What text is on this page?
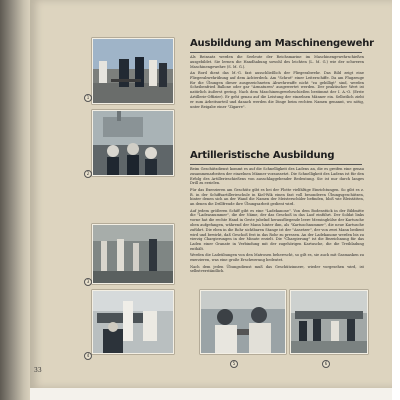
1
2
3
4
5	6
Ausbildung am Maschinengewehr

Als Reinsatz werden die Seeleute der Reichsmarine im Maschinengewehrschießen ausgebildet. Sie lernen die Handhabung sowohl des leichten (L. M. G.) wie der schweren Maschinengewehre (S. M. G.).

An Bord dient das M.-G. fast ausschließlich der Fliegerabwehr. Das Bild zeigt eine Fliegerabwehrübung auf dem Achterdeck. Am "Schrot" einer Leiterschiffe. Da am Flugzeuge für die Übungen dieser ausgezeichneten Abwehrwaffe nicht "zu gebilligt" sind, werden Scheibenfried Ballone oder gar "Armaturen" ausgewertet werden. Der praktischer Wert ist natürlich äußerst gering. Nach dem Maschinengewehrschießen bestimmt der I. A.-O. (Erste Artillerie-Offizier). Er geht genau auf die Leistung der einzelnen Männer ein. Selbstlich zieht er zum Arbeitsurteil und danach werden die Dinge beim rechten Namen genannt, wo nötig, unter Beigabe einer "Zigarre".

Artilleristische Ausbildung

Beim Geschützdienst kommt es auf die Schnelligkeit des Ladens an, die es greifen eine genau zusammenarbeiten der einzelnen Männer voraussetzt. Die Schnelligkeit des Ladens ist für den Erfolg des Artillerieschießens von ausschlaggebender Bedeutung. Sie ist nur durch langes Drill zu erzielen.

Für das Exerzieren am Geschütz gibt es bei der Flotte vielfältige Einrichtungen. So gibt es z. B. in der Schiffsartillerieschule in Kiel-Wik einen fast voll besonderen Übungsgeschützen, hinter denen sich an der Wand die Namen der Meisterschüler befinden, bloß wie Bleistätten, an denen die Drillfreude ihre Übungsarbeit gedient wird.

Auf jedem größeren Schiff gibt es eine "Ladekanone". Von dem Bodenstück in der Bildmitte die "Ladeasnummer", die der Näme, der das Geschoß in das Laof einführt. Der Soldat links vorne hat die rechte Hand in Geste jubelnd herausfliegende leere Messinghülse der Kartusche oben aufgefangen, während der Mann hinter ihm, als "Kartuschnummer", die neue Kartusche zuführt. Die eben in die Rohr sichtbaren Stange ist der "Ansetzer", der von zwei Mann bedient wird und bewirkt, daß Geschoß fest in das Rohr zu pressen. An der Ladekanone werden bis zu vierzig Chargierungen in der Minute erzielt. Die "Chargierung" ist die Bezeichnung für das Laden einer Granate in Verbindung mit der zugehörigen Kartusche, die die Treibladung enthält.

Werden die Ladeübungen von den Matrosen beherrscht, so gilt es, sie auch mit Gasmasken zu exerzieren, was eine große Erschwerung bedeutet.

Nach dem jeden Übungsdienst muß das Geschützinnere, wieder vorgesehen wird, ist selbstverständlich.

33
